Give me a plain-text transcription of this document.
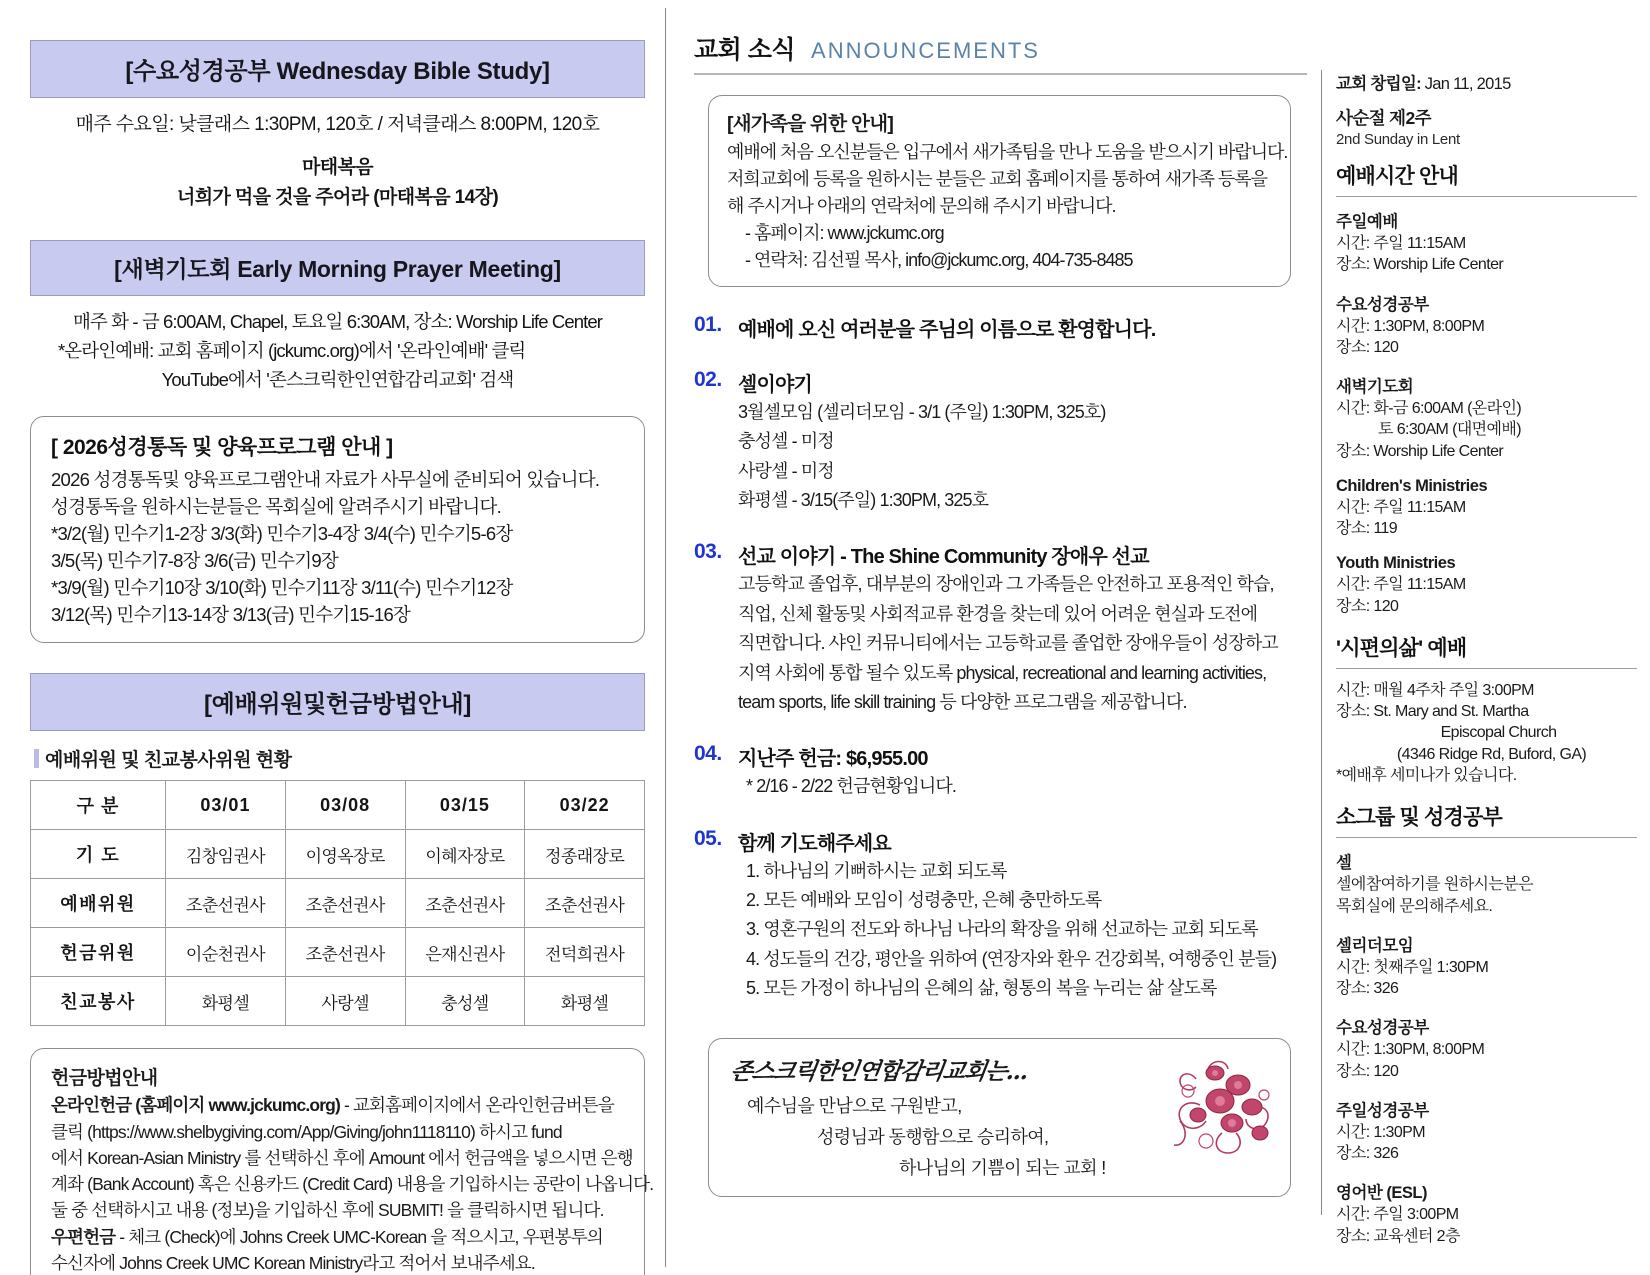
[수요성경공부 Wednesday Bible Study]
매주 수요일: 낮클래스 1:30PM, 120호 / 저녁클래스 8:00PM, 120호
마태복음
너희가 먹을 것을 주어라 (마태복음 14장)
[새벽기도회 Early Morning Prayer Meeting]
매주 화 - 금 6:00AM, Chapel, 토요일 6:30AM, 장소: Worship Life Center
*온라인예배: 교회 홈페이지 (jckumc.org)에서 '온라인예배' 클릭
YouTube에서 '존스크릭한인연합감리교회' 검색
[ 2026성경통독 및 양육프로그램 안내 ]
2026 성경통독및 양육프로그램안내 자료가 사무실에 준비되어 있습니다.
성경통독을 원하시는분들은 목회실에 알려주시기 바랍니다.
*3/2(월) 민수기1-2장 3/3(화) 민수기3-4장 3/4(수) 민수기5-6장
3/5(목) 민수기7-8장 3/6(금) 민수기9장
*3/9(월) 민수기10장 3/10(화) 민수기11장 3/11(수) 민수기12장
3/12(목) 민수기13-14장 3/13(금) 민수기15-16장
[예배위원및헌금방법안내]
예배위원 및 친교봉사위원 현황
구 분	03/01	03/08	03/15	03/22
기 도	김창임권사	이영옥장로	이혜자장로	정종래장로
예배위원	조춘선권사	조춘선권사	조춘선권사	조춘선권사
헌금위원	이순천권사	조춘선권사	은재신권사	전덕희권사
친교봉사	화평셀	사랑셀	충성셀	화평셀
헌금방법안내
온라인헌금 (홈페이지 www.jckumc.org) - 교회홈페이지에서 온라인헌금버튼을
클릭 (https://www.shelbygiving.com/App/Giving/john1118110) 하시고 fund
에서 Korean-Asian Ministry 를 선택하신 후에 Amount 에서 헌금액을 넣으시면 은행
계좌 (Bank Account) 혹은 신용카드 (Credit Card) 내용을 기입하시는 공란이 나옵니다.
둘 중 선택하시고 내용 (정보)을 기입하신 후에 SUBMIT! 을 클릭하시면 됩니다.
우편헌금 - 체크 (Check)에 Johns Creek UMC-Korean 을 적으시고, 우편봉투의
수신자에 Johns Creek UMC Korean Ministry라고 적어서 보내주세요.
교회 소식 ANNOUNCEMENTS
[새가족을 위한 안내]
예배에 처음 오신분들은 입구에서 새가족팀을 만나 도움을 받으시기 바랍니다.
저희교회에 등록을 원하시는 분들은 교회 홈페이지를 통하여 새가족 등록을
해 주시거나 아래의 연락처에 문의해 주시기 바랍니다.
- 홈페이지: www.jckumc.org
- 연락처: 김선필 목사, info@jckumc.org, 404-735-8485
01. 예배에 오신 여러분을 주님의 이름으로 환영합니다.
02. 셀이야기
3월셀모임 (셀리더모임 - 3/1 (주일) 1:30PM, 325호)
충성셀 - 미정
사랑셀 - 미정
화평셀 - 3/15(주일) 1:30PM, 325호
03. 선교 이야기 - The Shine Community 장애우 선교
고등학교 졸업후, 대부분의 장애인과 그 가족들은 안전하고 포용적인 학습,
직업, 신체 활동및 사회적교류 환경을 찾는데 있어 어려운 현실과 도전에
직면합니다. 샤인 커뮤니티에서는 고등학교를 졸업한 장애우들이 성장하고
지역 사회에 통합 될수 있도록 physical, recreational and learning activities,
team sports, life skill training 등 다양한 프로그램을 제공합니다.
04. 지난주 헌금: $6,955.00
* 2/16 - 2/22 헌금현황입니다.
05. 함께 기도해주세요
1. 하나님의 기뻐하시는 교회 되도록
2. 모든 예배와 모임이 성령충만, 은혜 충만하도록
3. 영혼구원의 전도와 하나님 나라의 확장을 위해 선교하는 교회 되도록
4. 성도들의 건강, 평안을 위하여 (연장자와 환우 건강회복, 여행중인 분들)
5. 모든 가정이 하나님의 은혜의 삶, 형통의 복을 누리는 삶 살도록
존스크릭한인연합감리교회는...
예수님을 만남으로 구원받고,
성령님과 동행함으로 승리하여,
하나님의 기쁨이 되는 교회 !
교회 창립일: Jan 11, 2015
사순절 제2주
2nd Sunday in Lent
예배시간 안내
주일예배
시간: 주일 11:15AM
장소: Worship Life Center
수요성경공부
시간: 1:30PM, 8:00PM
장소: 120
새벽기도회
시간: 화-금 6:00AM (온라인)
토 6:30AM (대면예배)
장소: Worship Life Center
Children's Ministries
시간: 주일 11:15AM
장소: 119
Youth Ministries
시간: 주일 11:15AM
장소: 120
'시편의삶' 예배
시간: 매월 4주차 주일 3:00PM
장소: St. Mary and St. Martha
Episcopal Church
(4346 Ridge Rd, Buford, GA)
*예배후 세미나가 있습니다.
소그룹 및 성경공부
셀
셀에참여하기를 원하시는분은
목회실에 문의해주세요.
셀리더모임
시간: 첫째주일 1:30PM
장소: 326
수요성경공부
시간: 1:30PM, 8:00PM
장소: 120
주일성경공부
시간: 1:30PM
장소: 326
영어반 (ESL)
시간: 주일 3:00PM
장소: 교육센터 2층
